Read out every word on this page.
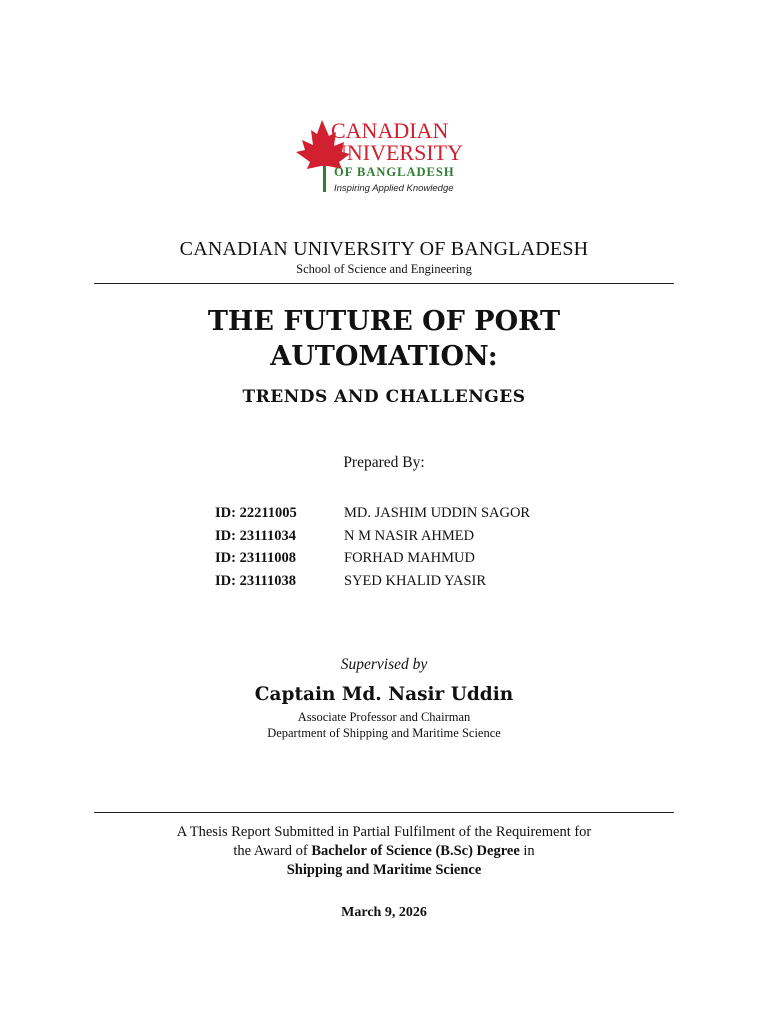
CANADIAN
UNIVERSITY
OF BANGLADESH
Inspiring Applied Knowledge
CANADIAN UNIVERSITY OF BANGLADESH
School of Science and Engineering
THE FUTURE OF PORT
AUTOMATION:
TRENDS AND CHALLENGES
Prepared By:
ID: 22211005	MD. JASHIM UDDIN SAGOR
ID: 23111034	N M NASIR AHMED
ID: 23111008	FORHAD MAHMUD
ID: 23111038	SYED KHALID YASIR
Supervised by
Captain Md. Nasir Uddin
Associate Professor and Chairman
Department of Shipping and Maritime Science
A Thesis Report Submitted in Partial Fulfilment of the Requirement for
the Award of Bachelor of Science (B.Sc) Degree in
Shipping and Maritime Science
March 9, 2026
